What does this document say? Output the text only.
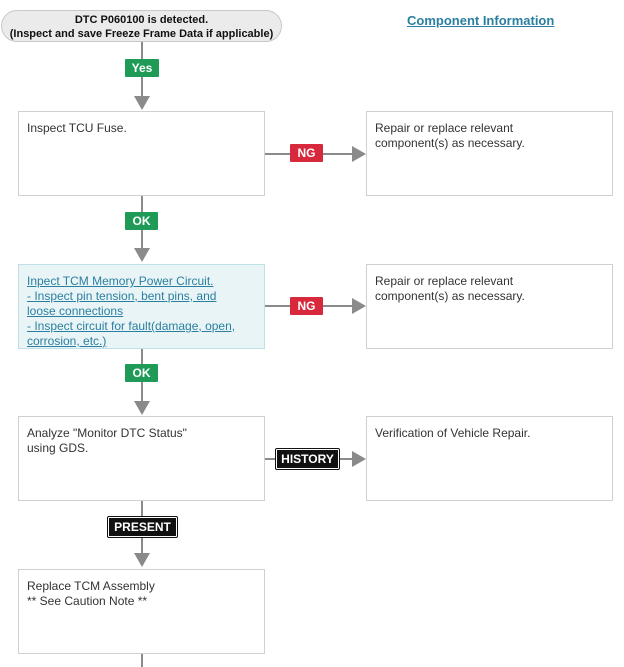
DTC P060100 is detected.
(Inspect and save Freeze Frame Data if applicable)
Component Information
Yes
Inspect TCU Fuse.
NG
Repair or replace relevant
component(s) as necessary.
OK
Inpect TCM Memory Power Circuit.
- Inspect pin tension, bent pins, and
loose connections
- Inspect circuit for fault(damage, open,
corrosion, etc.)
NG
Repair or replace relevant
component(s) as necessary.
OK
Analyze "Monitor DTC Status"
using GDS.
HISTORY
Verification of Vehicle Repair.
PRESENT
Replace TCM Assembly
** See Caution Note **
